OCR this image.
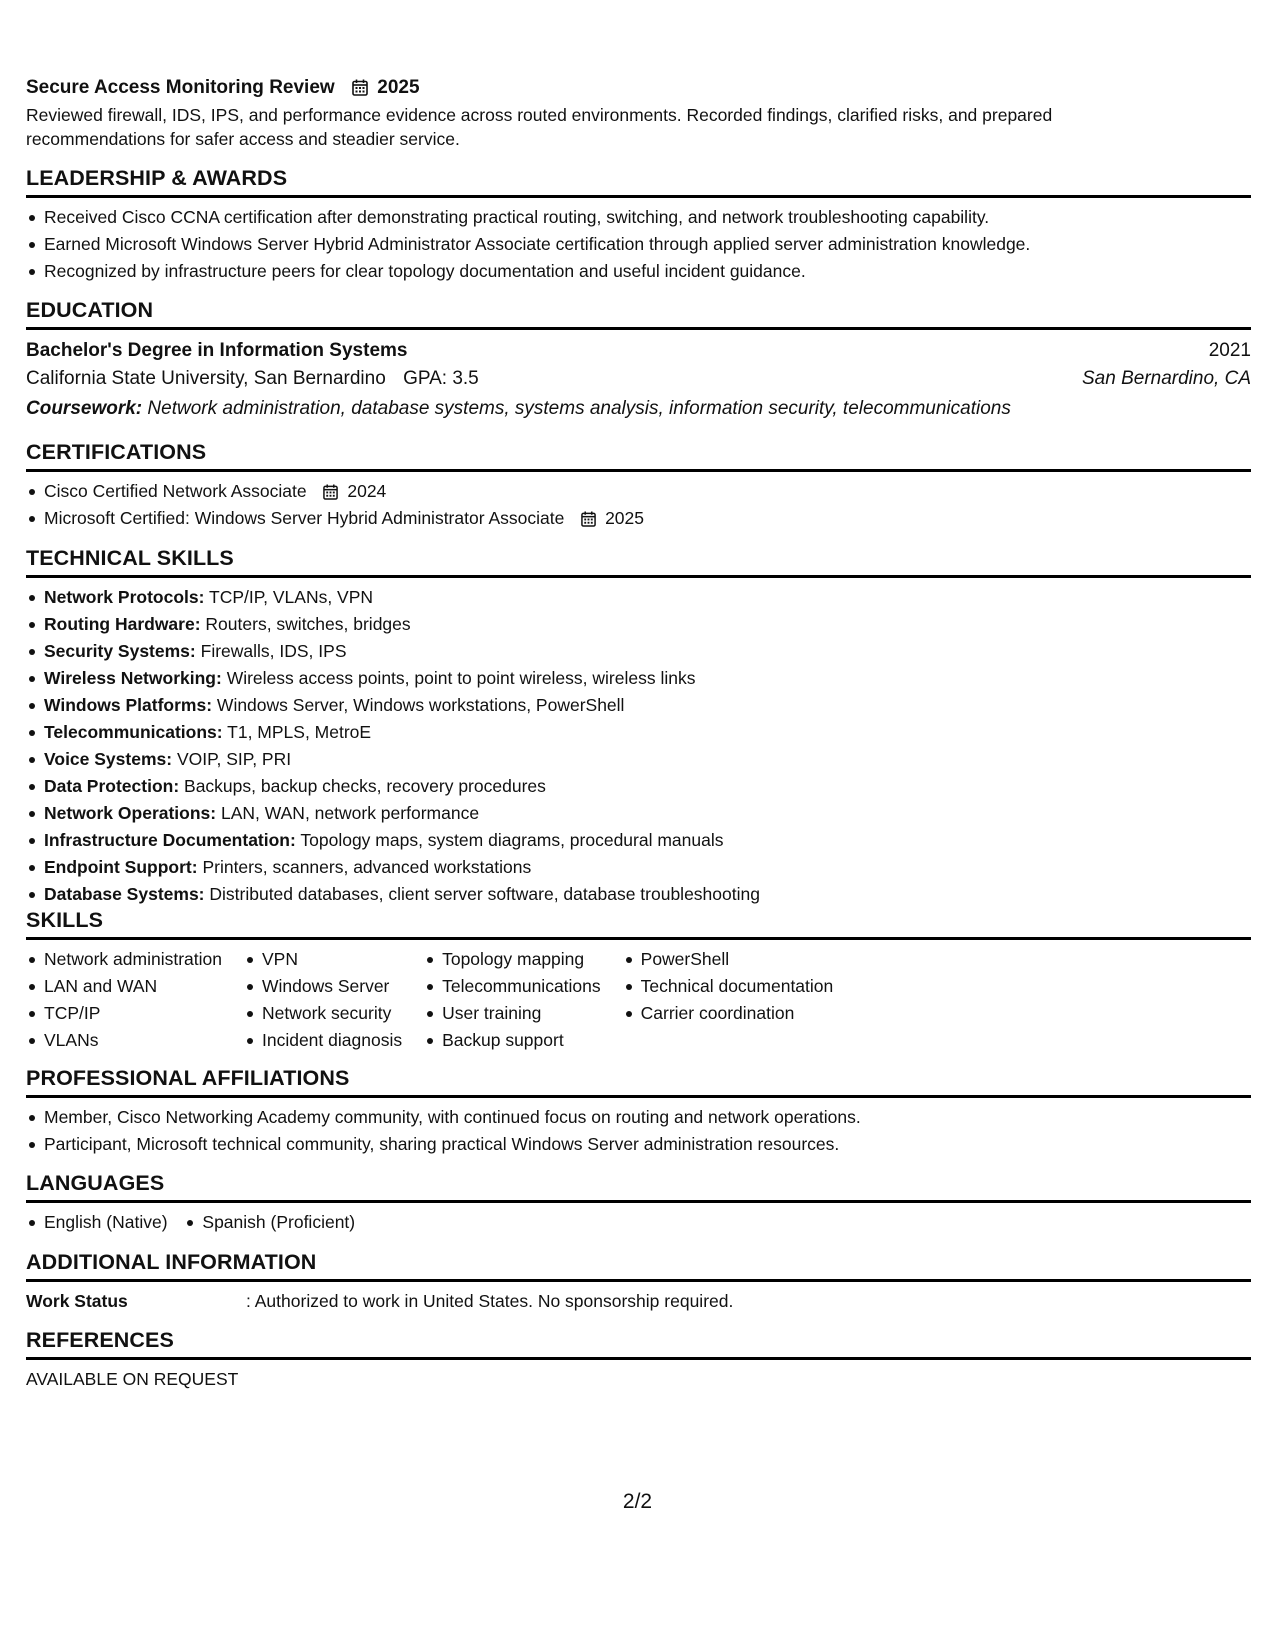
Secure Access Monitoring Review 2025
Reviewed firewall, IDS, IPS, and performance evidence across routed environments. Recorded findings, clarified risks, and prepared recommendations for safer access and steadier service.
LEADERSHIP & AWARDS
Received Cisco CCNA certification after demonstrating practical routing, switching, and network troubleshooting capability.
Earned Microsoft Windows Server Hybrid Administrator Associate certification through applied server administration knowledge.
Recognized by infrastructure peers for clear topology documentation and useful incident guidance.
EDUCATION
Bachelor's Degree in Information Systems	2021
California State University, San Bernardino GPA: 3.5	San Bernardino, CA
Coursework: Network administration, database systems, systems analysis, information security, telecommunications
CERTIFICATIONS
Cisco Certified Network Associate 2024
Microsoft Certified: Windows Server Hybrid Administrator Associate 2025
TECHNICAL SKILLS
Network Protocols: TCP/IP, VLANs, VPN
Routing Hardware: Routers, switches, bridges
Security Systems: Firewalls, IDS, IPS
Wireless Networking: Wireless access points, point to point wireless, wireless links
Windows Platforms: Windows Server, Windows workstations, PowerShell
Telecommunications: T1, MPLS, MetroE
Voice Systems: VOIP, SIP, PRI
Data Protection: Backups, backup checks, recovery procedures
Network Operations: LAN, WAN, network performance
Infrastructure Documentation: Topology maps, system diagrams, procedural manuals
Endpoint Support: Printers, scanners, advanced workstations
Database Systems: Distributed databases, client server software, database troubleshooting
SKILLS
Network administration
LAN and WAN
TCP/IP
VLANs
VPN
Windows Server
Network security
Incident diagnosis
Topology mapping
Telecommunications
User training
Backup support
PowerShell
Technical documentation
Carrier coordination
PROFESSIONAL AFFILIATIONS
Member, Cisco Networking Academy community, with continued focus on routing and network operations.
Participant, Microsoft technical community, sharing practical Windows Server administration resources.
LANGUAGES
English (Native) Spanish (Proficient)
ADDITIONAL INFORMATION
Work Status	: Authorized to work in United States. No sponsorship required.
REFERENCES
AVAILABLE ON REQUEST
2/2
